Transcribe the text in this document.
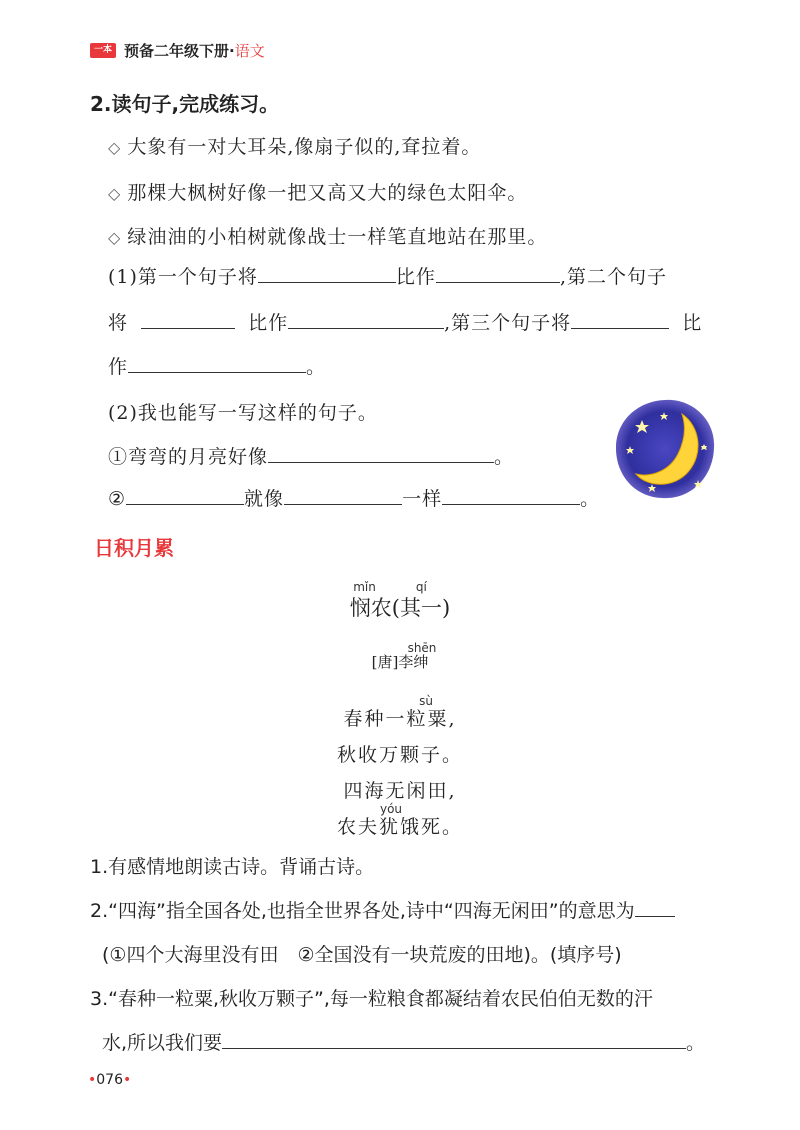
一本 预备二年级下册·语文
2.读句子,完成练习。
◇ 大象有一对大耳朵,像扇子似的,耷拉着。
◇ 那棵大枫树好像一把又高又大的绿色太阳伞。
◇ 绿油油的小柏树就像战士一样笔直地站在那里。
(1)第一个句子将	比作	,第二个句子
将	比作	,第三个句子将	比
作	。
(2)我也能写一写这样的句子。
①弯弯的月亮好像	。
②	就像	一样	。
日积月累
mǐn	qí
悯农(其一)
shēn
[唐]李绅
sù
春种一粒粟,
秋收万颗子。
四海无闲田,
yóu
农夫犹饿死。
1.有感情地朗读古诗。背诵古诗。
2.“四海”指全国各处,也指全世界各处,诗中“四海无闲田”的意思为
(①四个大海里没有田　②全国没有一块荒废的田地)。(填序号)
3.“春种一粒粟,秋收万颗子”,每一粒粮食都凝结着农民伯伯无数的汗
水,所以我们要	。
•076•
